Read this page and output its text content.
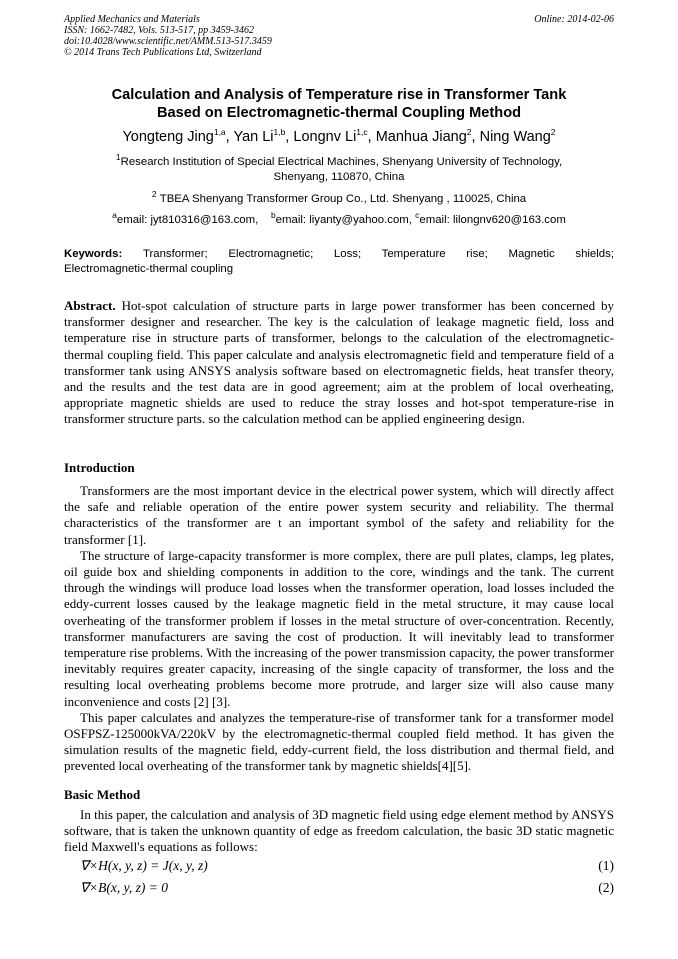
Applied Mechanics and Materials
ISSN: 1662-7482, Vols. 513-517, pp 3459-3462
doi:10.4028/www.scientific.net/AMM.513-517.3459
© 2014 Trans Tech Publications Ltd, Switzerland
Online: 2014-02-06
Calculation and Analysis of Temperature rise in Transformer Tank
Based on Electromagnetic-thermal Coupling Method
Yongteng Jing$^{1,a}$, Yan Li$^{1,b}$, Longnv Li$^{1,c}$, Manhua Jiang$^2$, Ning Wang$^2$
$^1$Research Institution of Special Electrical Machines, Shenyang University of Technology,
Shenyang, 110870, China
$^2$ TBEA Shenyang Transformer Group Co., Ltd. Shenyang , 110025, China
$^a$email: jyt810316@163.com, $^b$email: liyanty@yahoo.com, $^c$email: lilongnv620@163.com
Keywords: Transformer; Electromagnetic; Loss; Temperature rise; Magnetic shields;
Electromagnetic-thermal coupling
Abstract. Hot-spot calculation of structure parts in large power transformer has been concerned by transformer designer and researcher. The key is the calculation of leakage magnetic field, loss and temperature rise in structure parts of transformer, belongs to the calculation of the electromagnetic-thermal coupling field. This paper calculate and analysis electromagnetic field and temperature field of a transformer tank using ANSYS analysis software based on electromagnetic fields, heat transfer theory, and the results and the test data are in good agreement; aim at the problem of local overheating, appropriate magnetic shields are used to reduce the stray losses and hot-spot temperature-rise in transformer structure parts. so the calculation method can be applied engineering design.
Introduction

Transformers are the most important device in the electrical power system, which will directly affect the safe and reliable operation of the entire power system security and reliability. The thermal characteristics of the transformer are t an important symbol of the safety and reliability for the transformer [1].

The structure of large-capacity transformer is more complex, there are pull plates, clamps, leg plates, oil guide box and shielding components in addition to the core, windings and the tank. The current through the windings will produce load losses when the transformer operation, load losses included the eddy-current losses caused by the leakage magnetic field in the metal structure, it may cause local overheating of the transformer problem if losses in the metal structure of over-concentration. Recently, transformer manufacturers are saving the cost of production. It will inevitably lead to transformer temperature rise problems. With the increasing of the power transmission capacity, the power transformer inevitably requires greater capacity, increasing of the single capacity of transformer, the loss and the resulting local overheating problems become more protrude, and larger size will also cause many inconvenience and costs [2] [3].

This paper calculates and analyzes the temperature-rise of transformer tank for a transformer model OSFPSZ-125000kVA/220kV by the electromagnetic-thermal coupled field method. It has given the simulation results of the magnetic field, eddy-current field, the loss distribution and thermal field, and prevented local overheating of the transformer tank by magnetic shields[4][5].

Basic Method

In this paper, the calculation and analysis of 3D magnetic field using edge element method by ANSYS software, that is taken the unknown quantity of edge as freedom calculation, the basic 3D static magnetic field Maxwell's equations as follows:

∇×H(x, y, z) = J(x, y, z)	(1)
∇×B(x, y, z) = 0	(2)
